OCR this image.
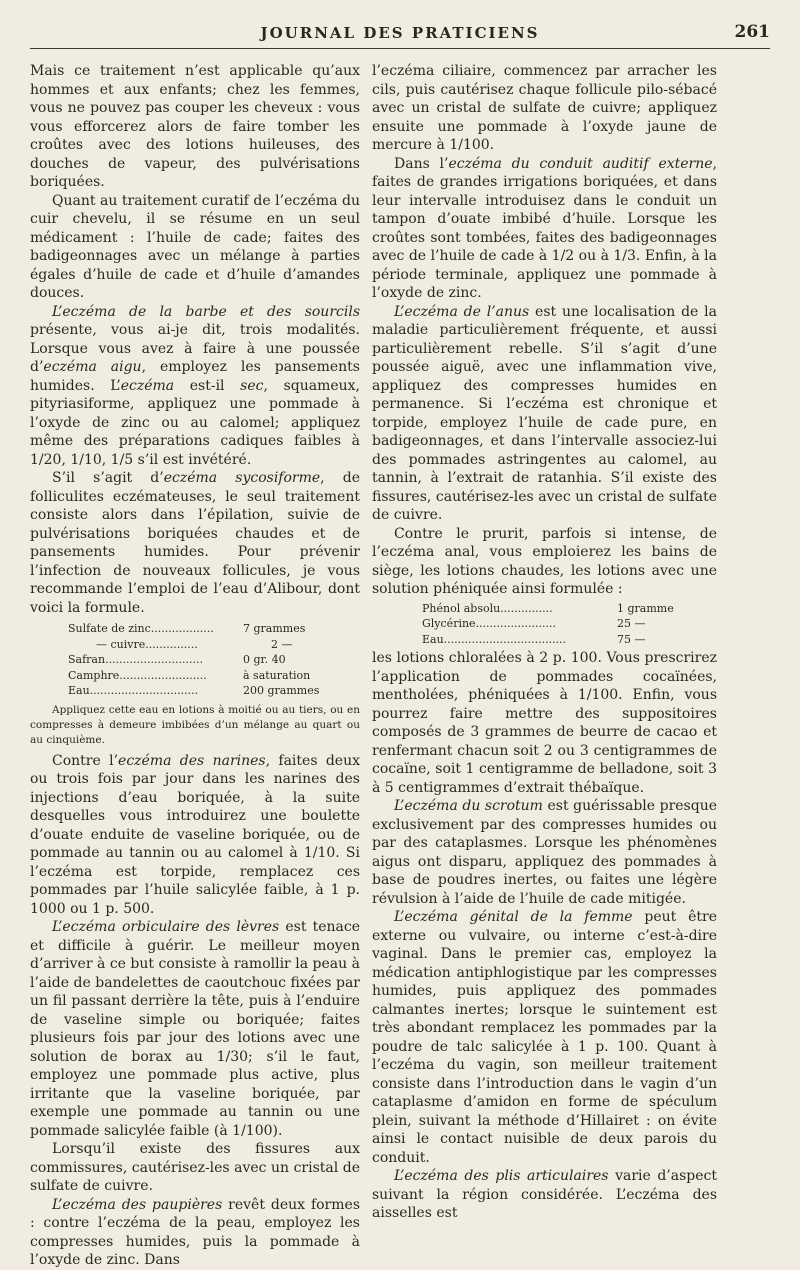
JOURNAL DES PRATICIENS	261

Mais ce traitement n’est applicable qu’aux hommes et aux enfants; chez les femmes, vous ne pouvez pas couper les cheveux : vous vous efforcerez alors de faire tomber les croûtes avec des lotions huileuses, des douches de vapeur, des pulvérisations boriquées.

Quant au traitement curatif de l’eczéma du cuir chevelu, il se résume en un seul médicament : l’huile de cade; faites des badigeonnages avec un mélange à parties égales d’huile de cade et d’huile d’amandes douces.

L’eczéma de la barbe et des sourcils présente, vous ai-je dit, trois modalités. Lorsque vous avez à faire à une poussée d’eczéma aigu, employez les pansements humides. L’eczéma est-il sec, squameux, pityriasiforme, appliquez une pommade à l’oxyde de zinc ou au calomel; appliquez même des préparations cadiques faibles à 1/20, 1/10, 1/5 s’il est invétéré.

S’il s’agit d’eczéma sycosiforme, de folliculites eczémateuses, le seul traitement consiste alors dans l’épilation, suivie de pulvérisations boriquées chaudes et de pansements humides. Pour prévenir l’infection de nouveaux follicules, je vous recommande l’emploi de l’eau d’Alibour, dont voici la formule.

Sulfate de zinc..................	7 grammes
— cuivre...............	2 —
Safran............................	0 gr. 40
Camphre.........................	à saturation
Eau...............................	200 grammes

Appliquez cette eau en lotions à moitié ou au tiers, ou en compresses à demeure imbibées d’un mélange au quart ou au cinquième.

Contre l’eczéma des narines, faites deux ou trois fois par jour dans les narines des injections d’eau boriquée, à la suite desquelles vous introduirez une boulette d’ouate enduite de vaseline boriquée, ou de pommade au tannin ou au calomel à 1/10. Si l’eczéma est torpide, remplacez ces pommades par l’huile salicylée faible, à 1 p. 1000 ou 1 p. 500.

L’eczéma orbiculaire des lèvres est tenace et difficile à guérir. Le meilleur moyen d’arriver à ce but consiste à ramollir la peau à l’aide de bandelettes de caoutchouc fixées par un fil passant derrière la tête, puis à l’enduire de vaseline simple ou boriquée; faites plusieurs fois par jour des lotions avec une solution de borax au 1/30; s’il le faut, employez une pommade plus active, plus irritante que la vaseline boriquée, par exemple une pommade au tannin ou une pommade salicylée faible (à 1/100).

Lorsqu’il existe des fissures aux commissures, cautérisez-les avec un cristal de sulfate de cuivre.

L’eczéma des paupières revêt deux formes : contre l’eczéma de la peau, employez les compresses humides, puis la pommade à l’oxyde de zinc. Dans

l’eczéma ciliaire, commencez par arracher les cils, puis cautérisez chaque follicule pilo-sébacé avec un cristal de sulfate de cuivre; appliquez ensuite une pommade à l’oxyde jaune de mercure à 1/100.

Dans l’eczéma du conduit auditif externe, faites de grandes irrigations boriquées, et dans leur intervalle introduisez dans le conduit un tampon d’ouate imbibé d’huile. Lorsque les croûtes sont tombées, faites des badigeonnages avec de l’huile de cade à 1/2 ou à 1/3. Enfin, à la période terminale, appliquez une pommade à l’oxyde de zinc.

L’eczéma de l’anus est une localisation de la maladie particulièrement fréquente, et aussi particulièrement rebelle. S’il s’agit d’une poussée aiguë, avec une inflammation vive, appliquez des compresses humides en permanence. Si l’eczéma est chronique et torpide, employez l’huile de cade pure, en badigeonnages, et dans l’intervalle associez-lui des pommades astringentes au calomel, au tannin, à l’extrait de ratanhia. S’il existe des fissures, cautérisez-les avec un cristal de sulfate de cuivre.

Contre le prurit, parfois si intense, de l’eczéma anal, vous emploierez les bains de siège, les lotions chaudes, les lotions avec une solution phéniquée ainsi formulée :

Phénol absolu...............	1 gramme
Glycérine.......................	25 —
Eau...................................	75 —

les lotions chloralées à 2 p. 100. Vous prescrirez l’application de pommades cocaïnées, mentholées, phéniquées à 1/100. Enfin, vous pourrez faire mettre des suppositoires composés de 3 grammes de beurre de cacao et renfermant chacun soit 2 ou 3 centigrammes de cocaïne, soit 1 centigramme de belladone, soit 3 à 5 centigrammes d’extrait thébaïque.

L’eczéma du scrotum est guérissable presque exclusivement par des compresses humides ou par des cataplasmes. Lorsque les phénomènes aigus ont disparu, appliquez des pommades à base de poudres inertes, ou faites une légère révulsion à l’aide de l’huile de cade mitigée.

L’eczéma génital de la femme peut être externe ou vulvaire, ou interne c’est-à-dire vaginal. Dans le premier cas, employez la médication antiphlogistique par les compresses humides, puis appliquez des pommades calmantes inertes; lorsque le suintement est très abondant remplacez les pommades par la poudre de talc salicylée à 1 p. 100. Quant à l’eczéma du vagin, son meilleur traitement consiste dans l’introduction dans le vagin d’un cataplasme d’amidon en forme de spéculum plein, suivant la méthode d’Hillairet : on évite ainsi le contact nuisible de deux parois du conduit.

L’eczéma des plis articulaires varie d’aspect suivant la région considérée. L’eczéma des aisselles est
